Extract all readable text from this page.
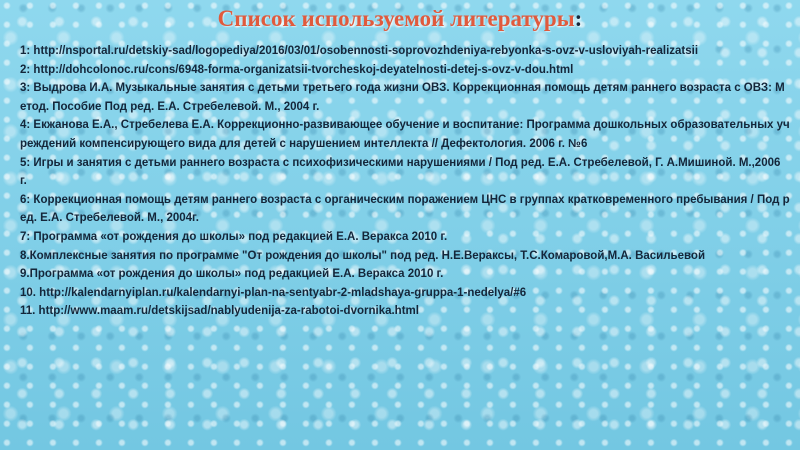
Список используемой литературы:

1: http://nsportal.ru/detskiy-sad/logopediya/2016/03/01/osobennosti-soprovozhdeniya-rebyonka-s-ovz-v-usloviyah-realizatsii

2: http://dohcolonoc.ru/cons/6948-forma-organizatsii-tvorcheskoj-deyatelnosti-detej-s-ovz-v-dou.html

3: Выдрова И.А. Музыкальные занятия с детьми третьего года жизни ОВЗ. Коррекционная помощь детям раннего возраста с ОВЗ: Метод. Пособие Под ред. Е.А. Стребелевой. М., 2004 г.

4: Екжанова Е.А., Стребелева Е.А. Коррекционно-развивающее обучение и воспитание: Программа дошкольных образовательных учреждений компенсирующего вида для детей с нарушением интеллекта // Дефектология. 2006 г. №6

5: Игры и занятия с детьми раннего возраста с психофизическими нарушениями / Под ред. Е.А. Стребелевой, Г. А.Мишиной. М.,2006 г.

6: Коррекционная помощь детям раннего возраста с органическим поражением ЦНС в группах кратковременного пребывания / Под ред. Е.А. Стребелевой. М., 2004г.

7: Программа «от рождения до школы» под редакцией Е.А. Веракса 2010 г.

8.Комплексные занятия по программе "От рождения до школы" под ред. Н.Е.Вераксы, Т.С.Комаровой,М.А. Васильевой

9.Программа «от рождения до школы» под редакцией Е.А. Веракса 2010 г.

10. http://kalendarnyiplan.ru/kalendarnyi-plan-na-sentyabr-2-mladshaya-gruppa-1-nedelya/#6

11. http://www.maam.ru/detskijsad/nablyudenija-za-rabotoi-dvornika.html
